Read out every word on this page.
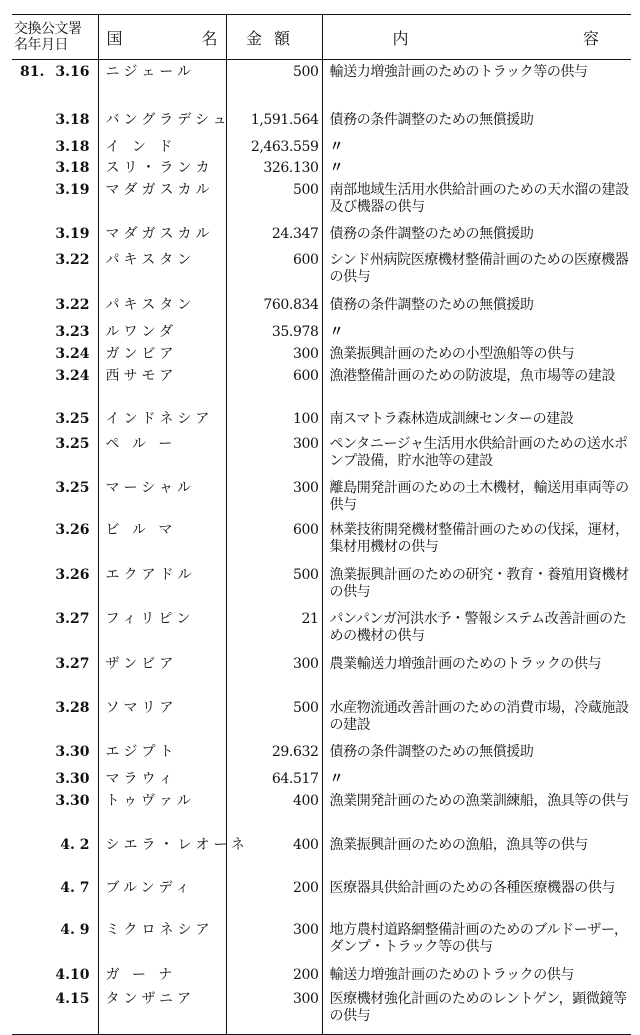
交換公文署
名年月日	国 名	金額	内 容

81. 3.16	ニジェール	500	輸送力増強計画のためのトラック等の供与
3.18	バングラデシュ	1,591.564	債務の条件調整のための無償援助
3.18	イ ン ド	2,463.559	〃
3.18	スリ・ランカ	326.130	〃
3.19	マダガスカル	500	南部地域生活用水供給計画のための天水溜の建設及び機器の供与
3.19	マダガスカル	24.347	債務の条件調整のための無償援助
3.22	パキスタン	600	シンド州病院医療機材整備計画のための医療機器の供与
3.22	パキスタン	760.834	債務の条件調整のための無償援助
3.23	ルワンダ	35.978	〃
3.24	ガンビア	300	漁業振興計画のための小型漁船等の供与
3.24	西サモア	600	漁港整備計画のための防波堤，魚市場等の建設
3.25	インドネシア	100	南スマトラ森林造成訓練センターの建設
3.25	ペ ル ー	300	ペンタニージャ生活用水供給計画のための送水ポンプ設備，貯水池等の建設
3.25	マーシャル	300	離島開発計画のための土木機材，輸送用車両等の供与
3.26	ビ ル マ	600	林業技術開発機材整備計画のための伐採，運材，集材用機材の供与
3.26	エクアドル	500	漁業振興計画のための研究・教育・養殖用資機材の供与
3.27	フィリピン	21	パンパンガ河洪水予・警報システム改善計画のための機材の供与
3.27	ザンビア	300	農業輸送力増強計画のためのトラックの供与
3.28	ソマリア	500	水産物流通改善計画のための消費市場，冷蔵施設の建設
3.30	エジプト	29.632	債務の条件調整のための無償援助
3.30	マラウィ	64.517	〃
3.30	トゥヴァル	400	漁業開発計画のための漁業訓練船，漁具等の供与
4. 2	シエラ・レオーネ	400	漁業振興計画のための漁船，漁具等の供与
4. 7	ブルンディ	200	医療器具供給計画のための各種医療機器の供与
4. 9	ミクロネシア	300	地方農村道路網整備計画のためのブルドーザー，ダンプ・トラック等の供与
4.10	ガ ー ナ	200	輸送力増強計画のためのトラックの供与
4.15	タンザニア	300	医療機材強化計画のためのレントゲン，顕微鏡等の供与
